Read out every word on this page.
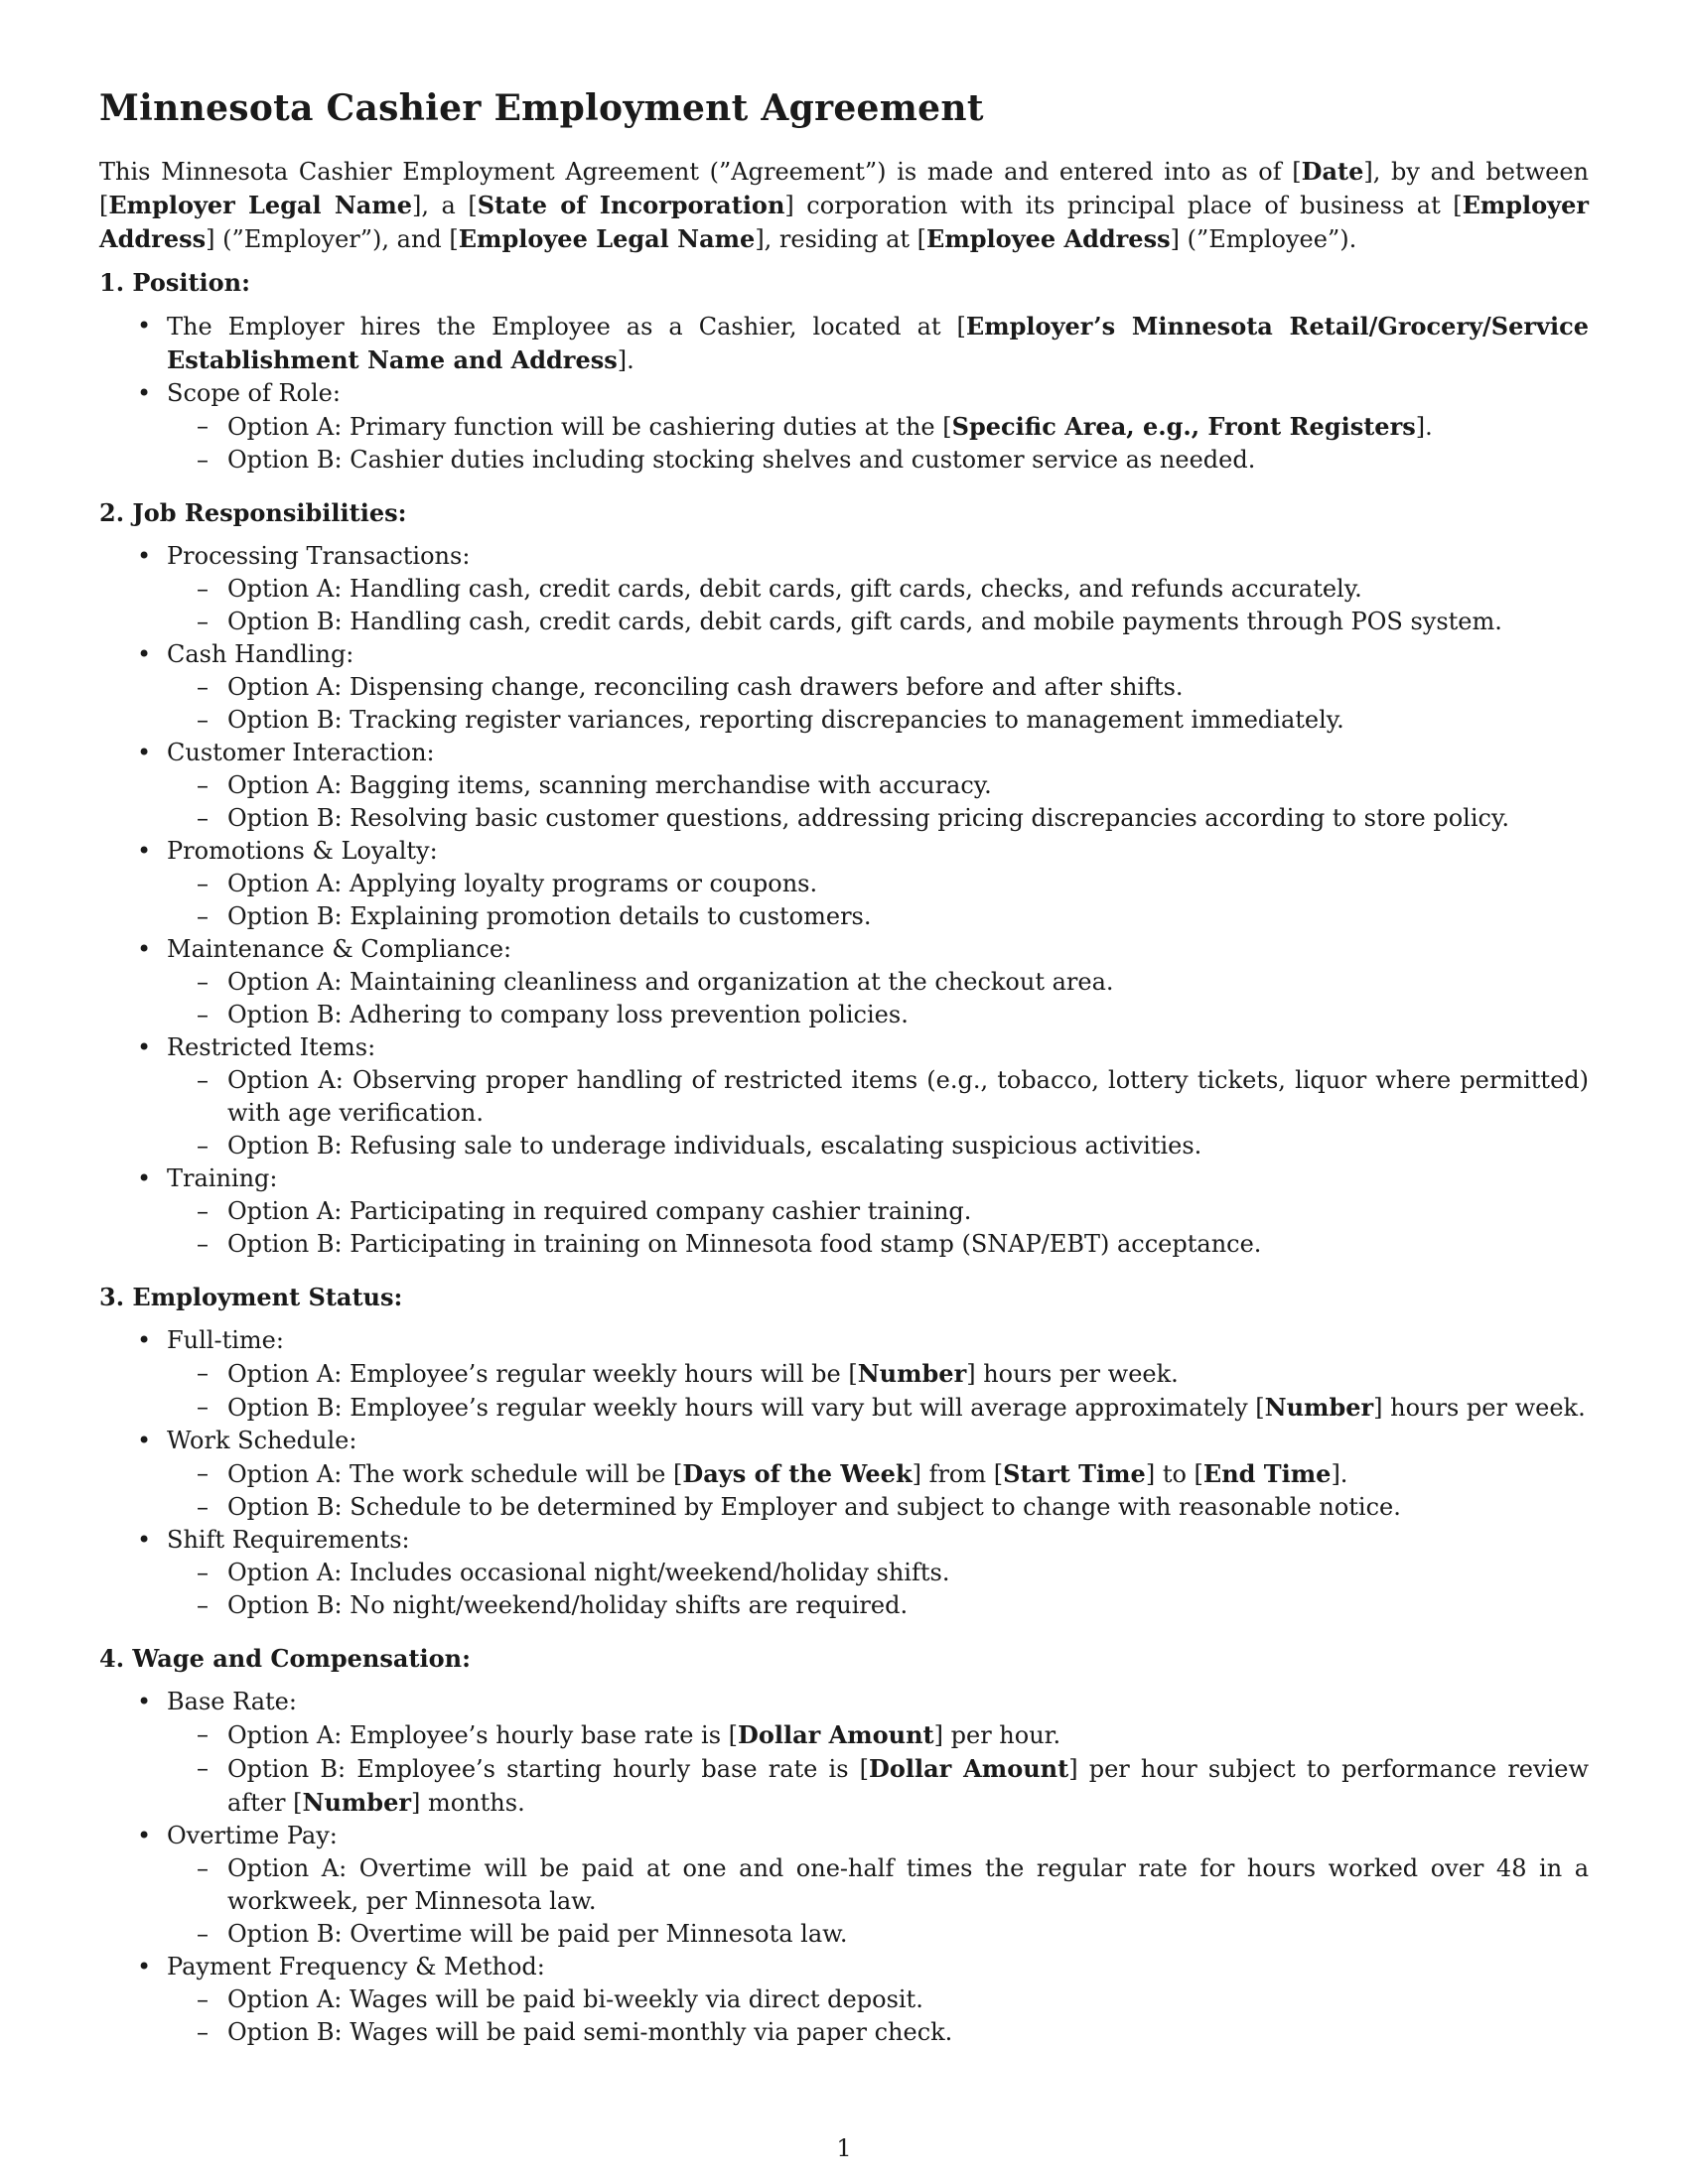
Minnesota Cashier Employment Agreement

This Minnesota Cashier Employment Agreement (”Agreement”) is made and entered into as of [Date], by and between [Employer Legal Name], a [State of Incorporation] corporation with its principal place of business at [Employer Address] (”Employer”), and [Employee Legal Name], residing at [Employee Address] (”Employee”).

1. Position:
• The Employer hires the Employee as a Cashier, located at [Employer’s Minnesota Retail/Grocery/Service Establishment Name and Address].
• Scope of Role:
– Option A: Primary function will be cashiering duties at the [Specific Area, e.g., Front Registers].
– Option B: Cashier duties including stocking shelves and customer service as needed.
2. Job Responsibilities:
• Processing Transactions:
– Option A: Handling cash, credit cards, debit cards, gift cards, checks, and refunds accurately.
– Option B: Handling cash, credit cards, debit cards, gift cards, and mobile payments through POS system.
• Cash Handling:
– Option A: Dispensing change, reconciling cash drawers before and after shifts.
– Option B: Tracking register variances, reporting discrepancies to management immediately.
• Customer Interaction:
– Option A: Bagging items, scanning merchandise with accuracy.
– Option B: Resolving basic customer questions, addressing pricing discrepancies according to store policy.
• Promotions & Loyalty:
– Option A: Applying loyalty programs or coupons.
– Option B: Explaining promotion details to customers.
• Maintenance & Compliance:
– Option A: Maintaining cleanliness and organization at the checkout area.
– Option B: Adhering to company loss prevention policies.
• Restricted Items:
– Option A: Observing proper handling of restricted items (e.g., tobacco, lottery tickets, liquor where permitted) with age verification.
– Option B: Refusing sale to underage individuals, escalating suspicious activities.
• Training:
– Option A: Participating in required company cashier training.
– Option B: Participating in training on Minnesota food stamp (SNAP/EBT) acceptance.
3. Employment Status:
• Full-time:
– Option A: Employee’s regular weekly hours will be [Number] hours per week.
– Option B: Employee’s regular weekly hours will vary but will average approximately [Number] hours per week.
• Work Schedule:
– Option A: The work schedule will be [Days of the Week] from [Start Time] to [End Time].
– Option B: Schedule to be determined by Employer and subject to change with reasonable notice.
• Shift Requirements:
– Option A: Includes occasional night/weekend/holiday shifts.
– Option B: No night/weekend/holiday shifts are required.
4. Wage and Compensation:
• Base Rate:
– Option A: Employee’s hourly base rate is [Dollar Amount] per hour.
– Option B: Employee’s starting hourly base rate is [Dollar Amount] per hour subject to performance review after [Number] months.
• Overtime Pay:
– Option A: Overtime will be paid at one and one-half times the regular rate for hours worked over 48 in a workweek, per Minnesota law.
– Option B: Overtime will be paid per Minnesota law.
• Payment Frequency & Method:
– Option A: Wages will be paid bi-weekly via direct deposit.
– Option B: Wages will be paid semi-monthly via paper check.
1
